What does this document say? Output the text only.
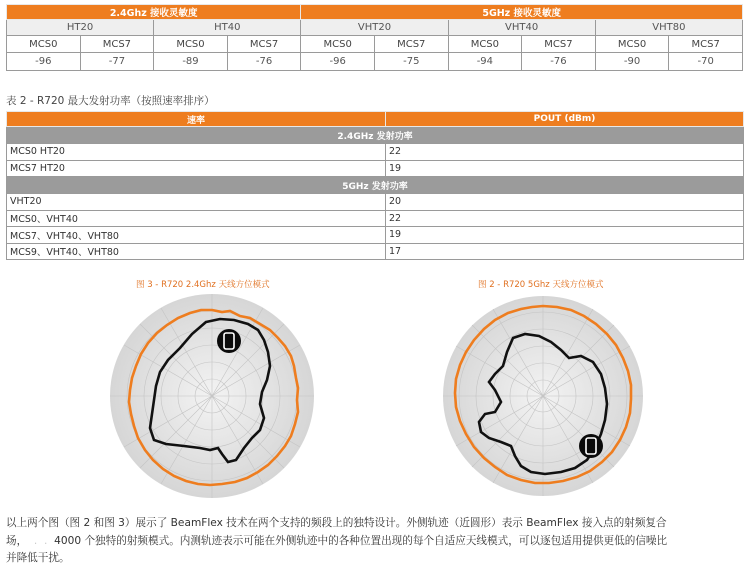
2.4Ghz 接收灵敏度				5GHz 接收灵敏度					
HT20		HT40		VHT20		VHT40		VHT80	
MCS0	MCS7	MCS0	MCS7	MCS0	MCS7	MCS0	MCS7	MCS0	MCS7
-96	-77	-89	-76	-96	-75	-94	-76	-90	-70
表 2 - R720 最大发射功率（按照速率排序）
速率	POUT (dBm)
2.4GHz 发射功率	
MCS0 HT20	22
MCS7 HT20	19
5GHz 发射功率	
VHT20	20
MCS0、VHT40	22
MCS7、VHT40、VHT80	19
MCS9、VHT40、VHT80	17
图 3 - R720 2.4Ghz 天线方位模式	图 2 - R720 5Ghz 天线方位模式
以上两个图（图 2 和图 3）展示了 BeamFlex 技术在两个支持的频段上的独特设计。外侧轨迹（近圆形）表示 BeamFlex 接入点的射频复合
场，  .  .  4000 个独特的射频模式。内测轨迹表示可能在外侧轨迹中的各种位置出现的每个自适应天线模式，可以逐包适用提供更低的信噪比
并降低干扰。
